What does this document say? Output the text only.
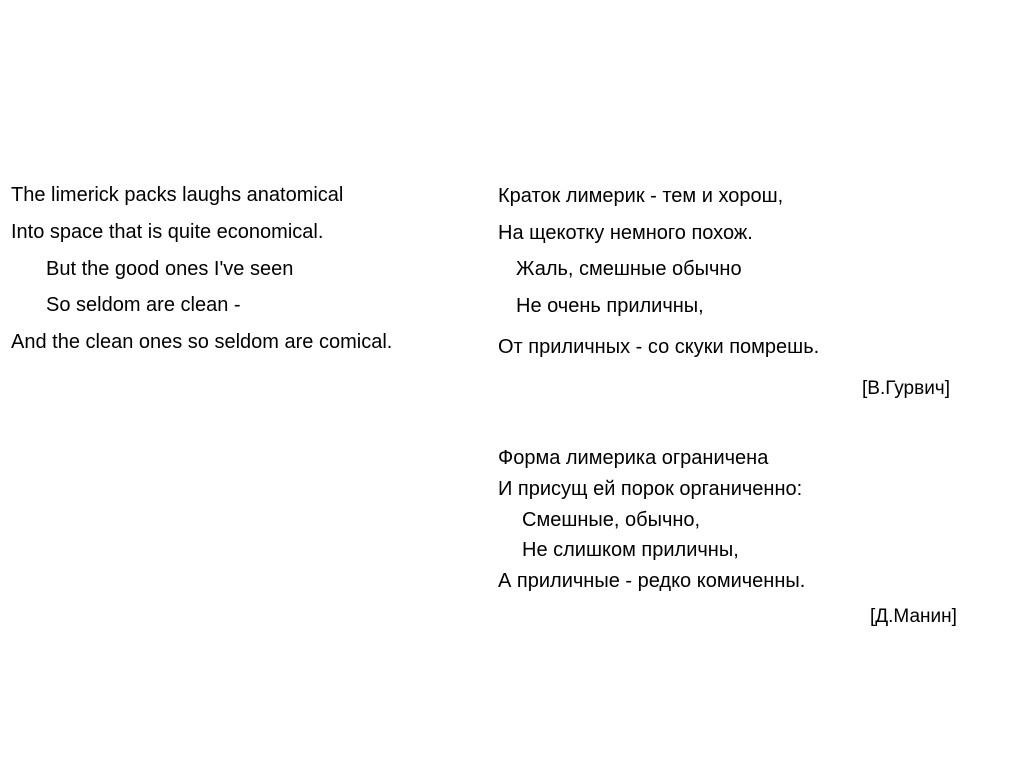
The limerick packs laughs anatomical
Into space that is quite economical.
But the good ones I've seen
So seldom are clean -
And the clean ones so seldom are comical.
Краток лимерик - тем и хорош,
На щекотку немного похож.
Жаль, смешные обычно
Не очень приличны,
От приличных - со скуки помрешь.
[В.Гурвич]
Форма лимерика ограничена
И присущ ей порок органиченно:
Смешные, обычно,
Не слишком приличны,
А приличные - редко комиченны.
[Д.Манин]
